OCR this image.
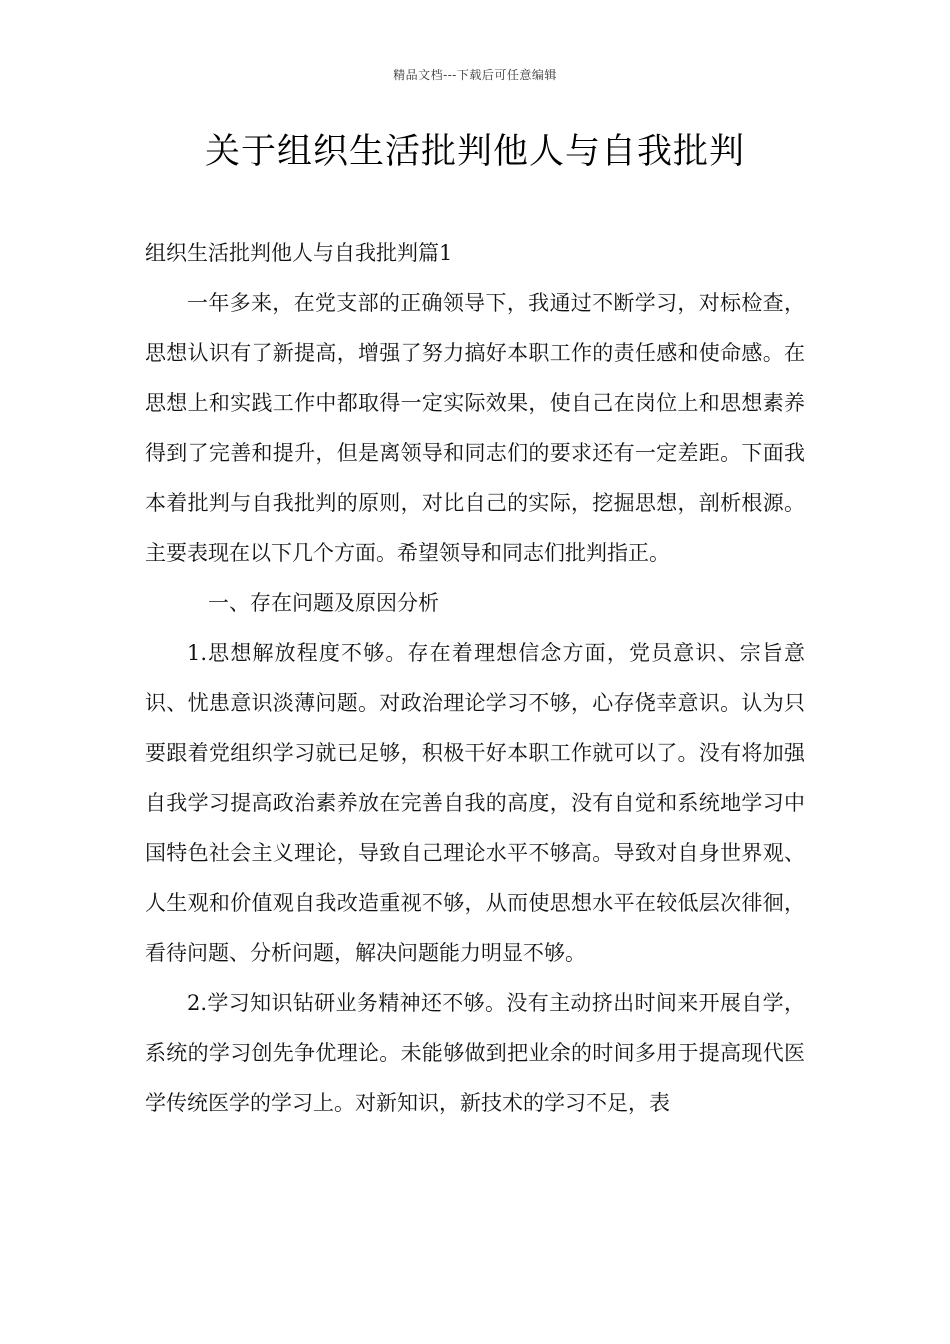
精品文档---下载后可任意编辑
关于组织生活批判他人与自我批判

组织生活批判他人与自我批判篇1

一年多来，在党支部的正确领导下，我通过不断学习，对标检查，思想认识有了新提高，增强了努力搞好本职工作的责任感和使命感。在思想上和实践工作中都取得一定实际效果，使自己在岗位上和思想素养得到了完善和提升，但是离领导和同志们的要求还有一定差距。下面我本着批判与自我批判的原则，对比自己的实际，挖掘思想，剖析根源。主要表现在以下几个方面。希望领导和同志们批判指正。

一、存在问题及原因分析

1.思想解放程度不够。存在着理想信念方面，党员意识、宗旨意识、忧患意识淡薄问题。对政治理论学习不够，心存侥幸意识。认为只要跟着党组织学习就已足够，积极干好本职工作就可以了。没有将加强自我学习提高政治素养放在完善自我的高度，没有自觉和系统地学习中国特色社会主义理论，导致自己理论水平不够高。导致对自身世界观、人生观和价值观自我改造重视不够，从而使思想水平在较低层次徘徊，看待问题、分析问题，解决问题能力明显不够。

2.学习知识钻研业务精神还不够。没有主动挤出时间来开展自学，系统的学习创先争优理论。未能够做到把业余的时间多用于提高现代医学传统医学的学习上。对新知识，新技术的学习不足，表
